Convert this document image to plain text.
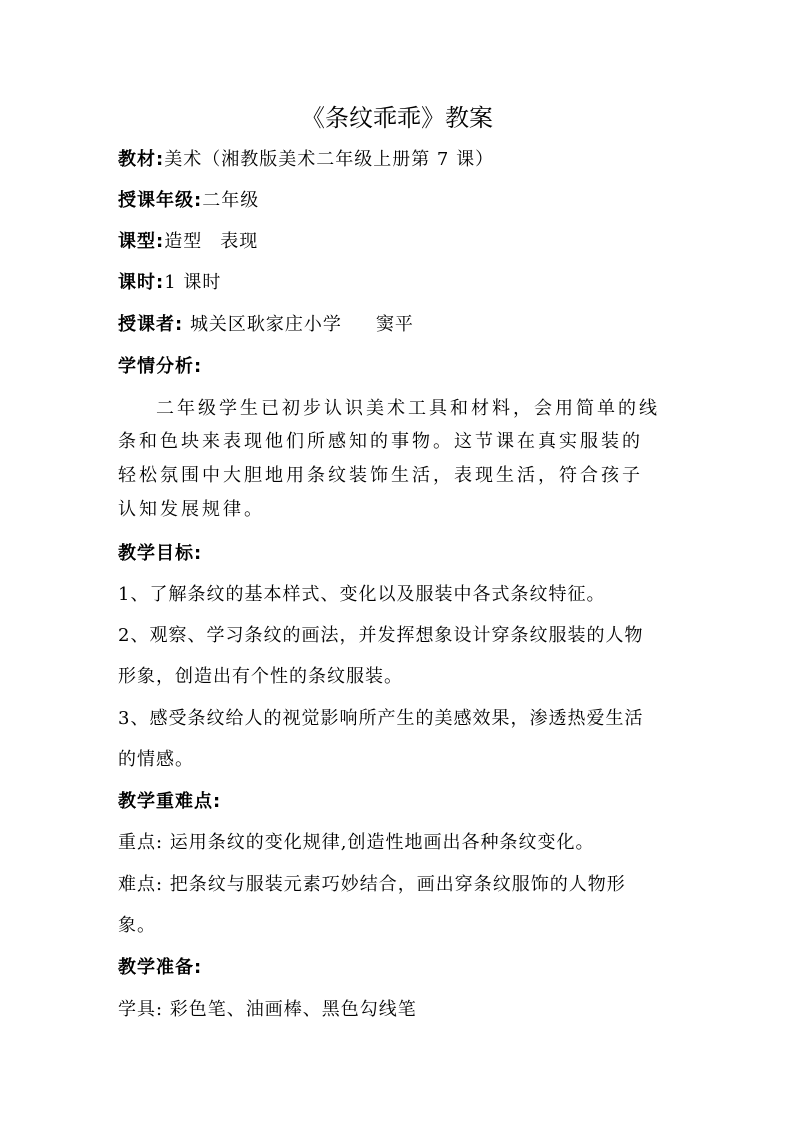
《条纹乖乖》教案
教材:美术（湘教版美术二年级上册第 7 课）
授课年级:二年级
课型:造型 表现
课时:1 课时
授课者: 城关区耿家庄小学 窦平
学情分析:
二年级学生已初步认识美术工具和材料，会用简单的线
条和色块来表现他们所感知的事物。这节课在真实服装的
轻松氛围中大胆地用条纹装饰生活，表现生活，符合孩子
认知发展规律。
教学目标:
1、了解条纹的基本样式、变化以及服装中各式条纹特征。
2、观察、学习条纹的画法，并发挥想象设计穿条纹服装的人物
形象，创造出有个性的条纹服装。
3、感受条纹给人的视觉影响所产生的美感效果，渗透热爱生活
的情感。
教学重难点:
重点: 运用条纹的变化规律,创造性地画出各种条纹变化。
难点: 把条纹与服装元素巧妙结合，画出穿条纹服饰的人物形
象。
教学准备:
学具: 彩色笔、油画棒、黑色勾线笔
